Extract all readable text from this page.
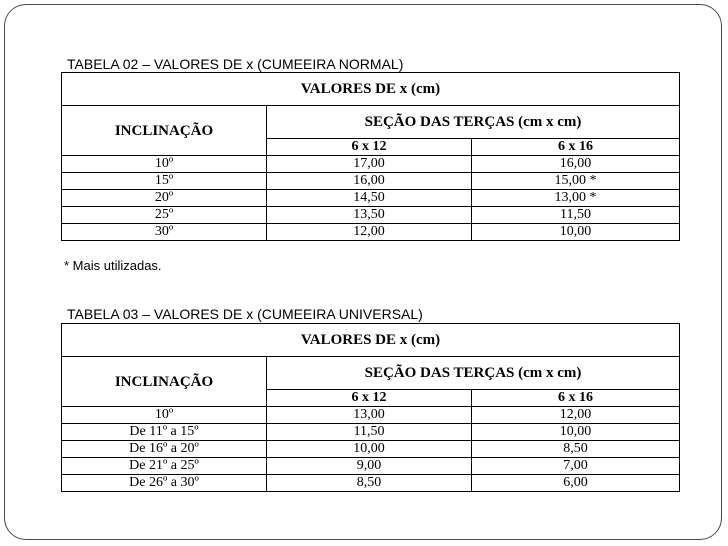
TABELA 02 – VALORES DE x (CUMEEIRA NORMAL)
VALORES DE x (cm)		
INCLINAÇÃO	SEÇÃO DAS TERÇAS (cm x cm)	
	6 x 12	6 x 16
10º	17,00	16,00
15º	16,00	15,00 *
20º	14,50	13,00 *
25º	13,50	11,50
30º	12,00	10,00
* Mais utilizadas.
TABELA 03 – VALORES DE x (CUMEEIRA UNIVERSAL)
VALORES DE x (cm)		
INCLINAÇÃO	SEÇÃO DAS TERÇAS (cm x cm)	
	6 x 12	6 x 16
10º	13,00	12,00
De 11º a 15º	11,50	10,00
De 16º a 20º	10,00	8,50
De 21º a 25º	9,00	7,00
De 26º a 30º	8,50	6,00
